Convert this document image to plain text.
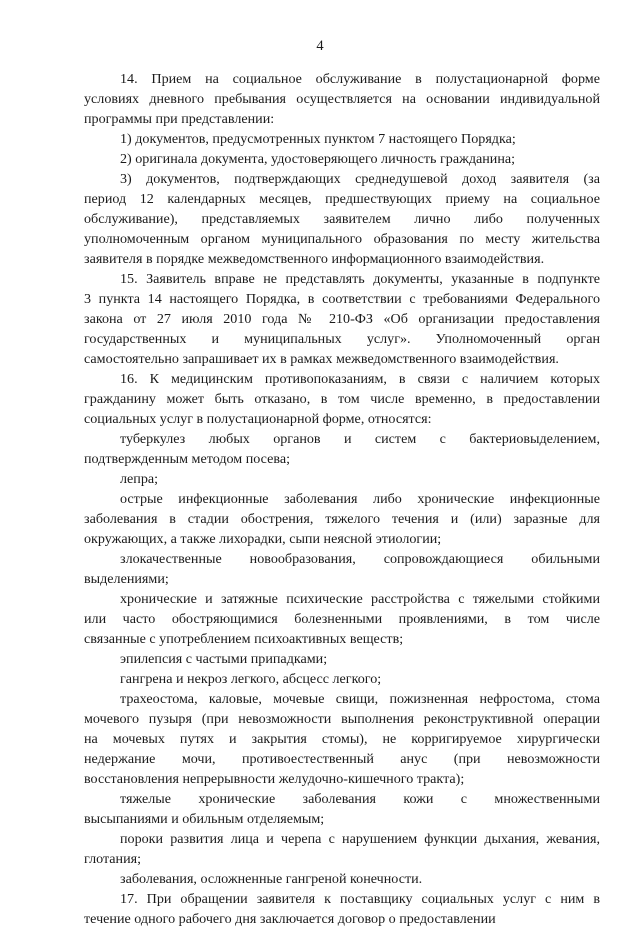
4
14. Прием на социальное обслуживание в полустационарной форме
условиях дневного пребывания осуществляется на основании индивидуальной
программы при представлении:
1) документов, предусмотренных пунктом 7 настоящего Порядка;
2) оригинала документа, удостоверяющего личность гражданина;
3) документов, подтверждающих среднедушевой доход заявителя (за
период 12 календарных месяцев, предшествующих приему на социальное
обслуживание), представляемых заявителем лично либо полученных
уполномоченным органом муниципального образования по месту жительства
заявителя в порядке межведомственного информационного взаимодействия.
15. Заявитель вправе не представлять документы, указанные в подпункте
3 пункта 14 настоящего Порядка, в соответствии с требованиями Федерального
закона от 27 июля 2010 года № 210-ФЗ «Об организации предоставления
государственных и муниципальных услуг». Уполномоченный орган
самостоятельно запрашивает их в рамках межведомственного взаимодействия.
16. К медицинским противопоказаниям, в связи с наличием которых
гражданину может быть отказано, в том числе временно, в предоставлении
социальных услуг в полустационарной форме, относятся:
туберкулез любых органов и систем с бактериовыделением,
подтвержденным методом посева;
лепра;
острые инфекционные заболевания либо хронические инфекционные
заболевания в стадии обострения, тяжелого течения и (или) заразные для
окружающих, а также лихорадки, сыпи неясной этиологии;
злокачественные новообразования, сопровождающиеся обильными
выделениями;
хронические и затяжные психические расстройства с тяжелыми стойкими
или часто обостряющимися болезненными проявлениями, в том числе
связанные с употреблением психоактивных веществ;
эпилепсия с частыми припадками;
гангрена и некроз легкого, абсцесс легкого;
трахеостома, каловые, мочевые свищи, пожизненная нефростома, стома
мочевого пузыря (при невозможности выполнения реконструктивной операции
на мочевых путях и закрытия стомы), не корригируемое хирургически
недержание мочи, противоестественный анус (при невозможности
восстановления непрерывности желудочно-кишечного тракта);
тяжелые хронические заболевания кожи с множественными
высыпаниями и обильным отделяемым;
пороки развития лица и черепа с нарушением функции дыхания, жевания,
глотания;
заболевания, осложненные гангреной конечности.
17. При обращении заявителя к поставщику социальных услуг с ним в
течение одного рабочего дня заключается договор о предоставлении
